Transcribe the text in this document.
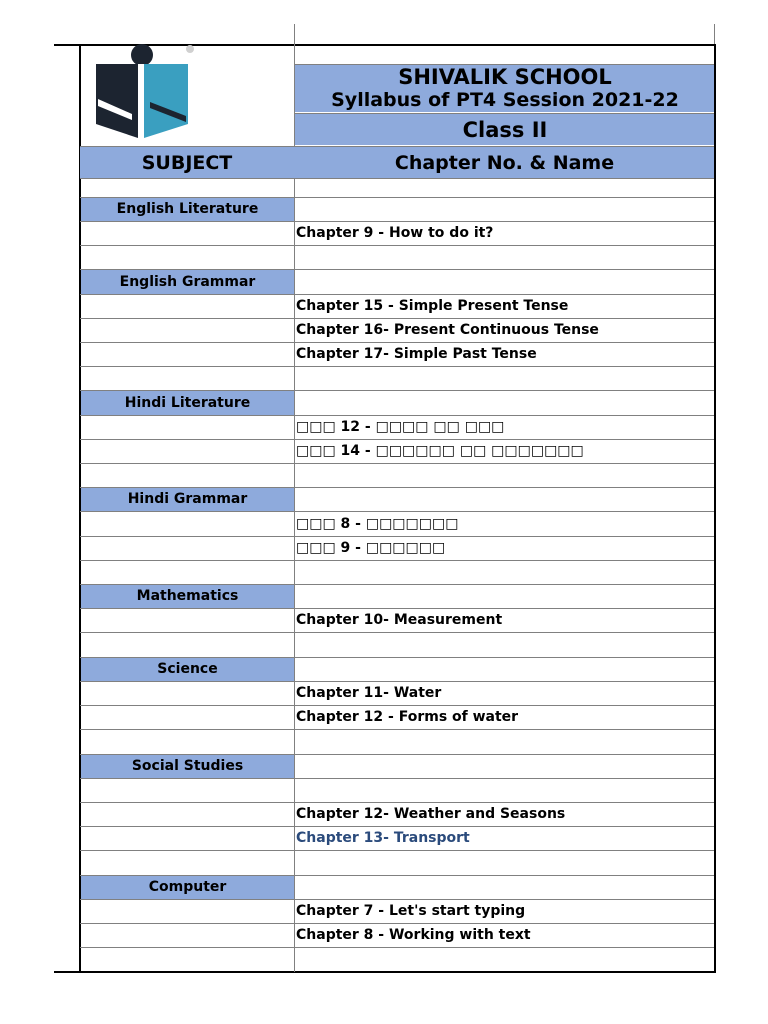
SHIVALIK SCHOOL
Syllabus of PT4 Session 2021-22
Class II
SUBJECT	Chapter No. & Name
English Literature
Chapter 9 - How to do it?
English Grammar
Chapter 15 - Simple Present Tense
Chapter 16- Present Continuous Tense
Chapter 17- Simple Past Tense
Hindi Literature
□□□ 12 - □□□□ □□ □□□
□□□ 14 - □□□□□□ □□ □□□□□□□
Hindi Grammar
□□□ 8 - □□□□□□□
□□□ 9 - □□□□□□
Mathematics
Chapter 10- Measurement
Science
Chapter 11- Water
Chapter 12 - Forms of water
Social Studies
Chapter 12- Weather and Seasons
Chapter 13- Transport
Computer
Chapter 7 - Let's start typing
Chapter 8 - Working with text
